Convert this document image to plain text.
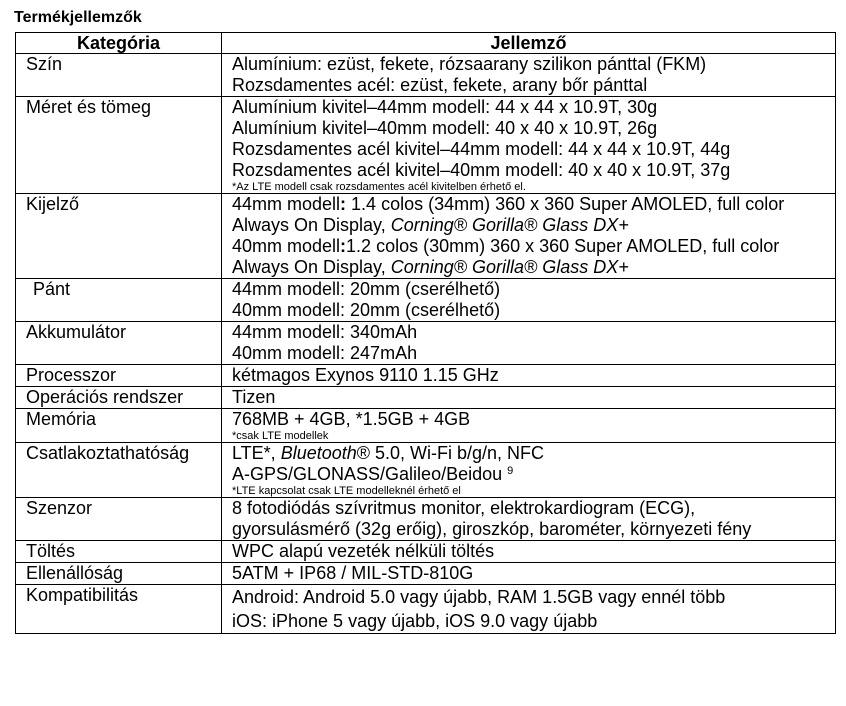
Termékjellemzők
Kategória	Jellemző
Szín	Alumínium: ezüst, fekete, rózsaarany szilikon pánttal (FKM)
Rozsdamentes acél: ezüst, fekete, arany bőr pánttal

Méret és tömeg	Alumínium kivitel–44mm modell: 44 x 44 x 10.9T, 30g
Alumínium kivitel–40mm modell: 40 x 40 x 10.9T, 26g
Rozsdamentes acél kivitel–44mm modell: 44 x 44 x 10.9T, 44g
Rozsdamentes acél kivitel–40mm modell: 40 x 40 x 10.9T, 37g
*Az LTE modell csak rozsdamentes acél kivitelben érhető el.

Kijelző	44mm modell: 1.4 colos (34mm) 360 x 360 Super AMOLED, full color Always On Display, Corning® Gorilla® Glass DX+
40mm modell:1.2 colos (30mm) 360 x 360 Super AMOLED, full color Always On Display, Corning® Gorilla® Glass DX+

Pánt	44mm modell: 20mm (cserélhető)
40mm modell: 20mm (cserélhető)

Akkumulátor	44mm modell: 340mAh
40mm modell: 247mAh

Processzor	kétmagos Exynos 9110 1.15 GHz
Operációs rendszer	Tizen
Memória	768MB + 4GB, *1.5GB + 4GB
*csak LTE modellek

Csatlakoztathatóság	LTE*, Bluetooth® 5.0, Wi-Fi b/g/n, NFC
A-GPS/GLONASS/Galileo/Beidou $^9$
*LTE kapcsolat csak LTE modelleknél érhető el

Szenzor	8 fotodiódás szívritmus monitor, elektrokardiogram (ECG),
gyorsulásmérő (32g erőig), giroszkóp, barométer, környezeti fény

Töltés	WPC alapú vezeték nélküli töltés
Ellenállóság	5ATM + IP68 / MIL-STD-810G
Kompatibilitás	Android: Android 5.0 vagy újabb, RAM 1.5GB vagy ennél több
iOS: iPhone 5 vagy újabb, iOS 9.0 vagy újabb
